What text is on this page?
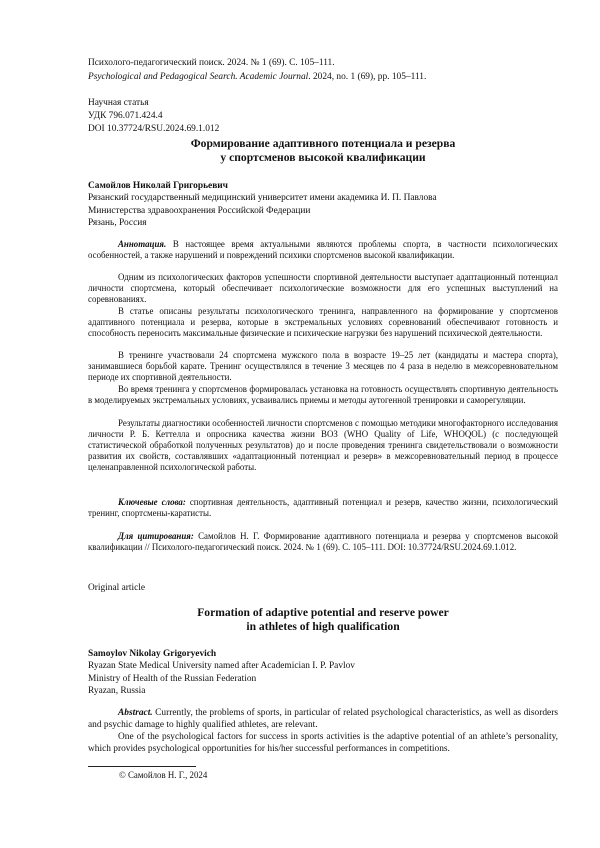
Психолого-педагогический поиск. 2024. № 1 (69). С. 105–111.
Psychological and Pedagogical Search. Academic Journal. 2024, no. 1 (69), pp. 105–111.
Научная статья
УДК 796.071.424.4
DOI 10.37724/RSU.2024.69.1.012
Формирование адаптивного потенциала и резерва
у спортсменов высокой квалификации
Самойлов Николай Григорьевич
Рязанский государственный медицинский университет имени академика И. П. Павлова
Министерства здравоохранения Российской Федерации
Рязань, Россия

Аннотация. В настоящее время актуальными являются проблемы спорта, в частности психологических особенностей, а также нарушений и повреждений психики спортсменов высокой квалификации.

Одним из психологических факторов успешности спортивной деятельности выступает адаптационный потенциал личности спортсмена, который обеспечивает психологические возможности для его успешных выступлений на соревнованиях.

В статье описаны результаты психологического тренинга, направленного на формирование у спортсменов адаптивного потенциала и резерва, которые в экстремальных условиях соревнований обеспечивают готовность и способность переносить максимальные физические и психические нагрузки без нарушений психической деятельности.

В тренинге участвовали 24 спортсмена мужского пола в возрасте 19–25 лет (кандидаты и мастера спорта), занимавшиеся борьбой карате. Тренинг осуществлялся в течение 3 месяцев по 4 раза в неделю в межсоревновательном периоде их спортивной деятельности.

Во время тренинга у спортсменов формировалась установка на готовность осуществлять спортивную деятельность в моделируемых экстремальных условиях, усваивались приемы и методы аутогенной тренировки и саморегуляции.

Результаты диагностики особенностей личности спортсменов с помощью методики многофакторного исследования личности Р. Б. Кеттелла и опросника качества жизни ВОЗ (WHO Quality of Life, WHOQOL) (с последующей статистической обработкой полученных результатов) до и после проведения тренинга свидетельствовали о возможности развития их свойств, составлявших «адаптационный потенциал и резерв» в межсоревновательный период в процессе целенаправленной психологической работы.

Ключевые слова: спортивная деятельность, адаптивный потенциал и резерв, качество жизни, психологический тренинг, спортсмены-каратисты.

Для цитирования: Самойлов Н. Г. Формирование адаптивного потенциала и резерва у спортсменов высокой квалификации // Психолого-педагогический поиск. 2024. № 1 (69). С. 105–111. DOI: 10.37724/RSU.2024.69.1.012.

Original article
Formation of adaptive potential and reserve power
in athletes of high qualification
Samoylov Nikolay Grigoryevich
Ryazan State Medical University named after Academician I. P. Pavlov
Ministry of Health of the Russian Federation
Ryazan, Russia

Abstract. Currently, the problems of sports, in particular of related psychological characteristics, as well as disorders and psychic damage to highly qualified athletes, are relevant.

One of the psychological factors for success in sports activities is the adaptive potential of an athlete’s personality, which provides psychological opportunities for his/her successful performances in competitions.

© Самойлов Н. Г., 2024
